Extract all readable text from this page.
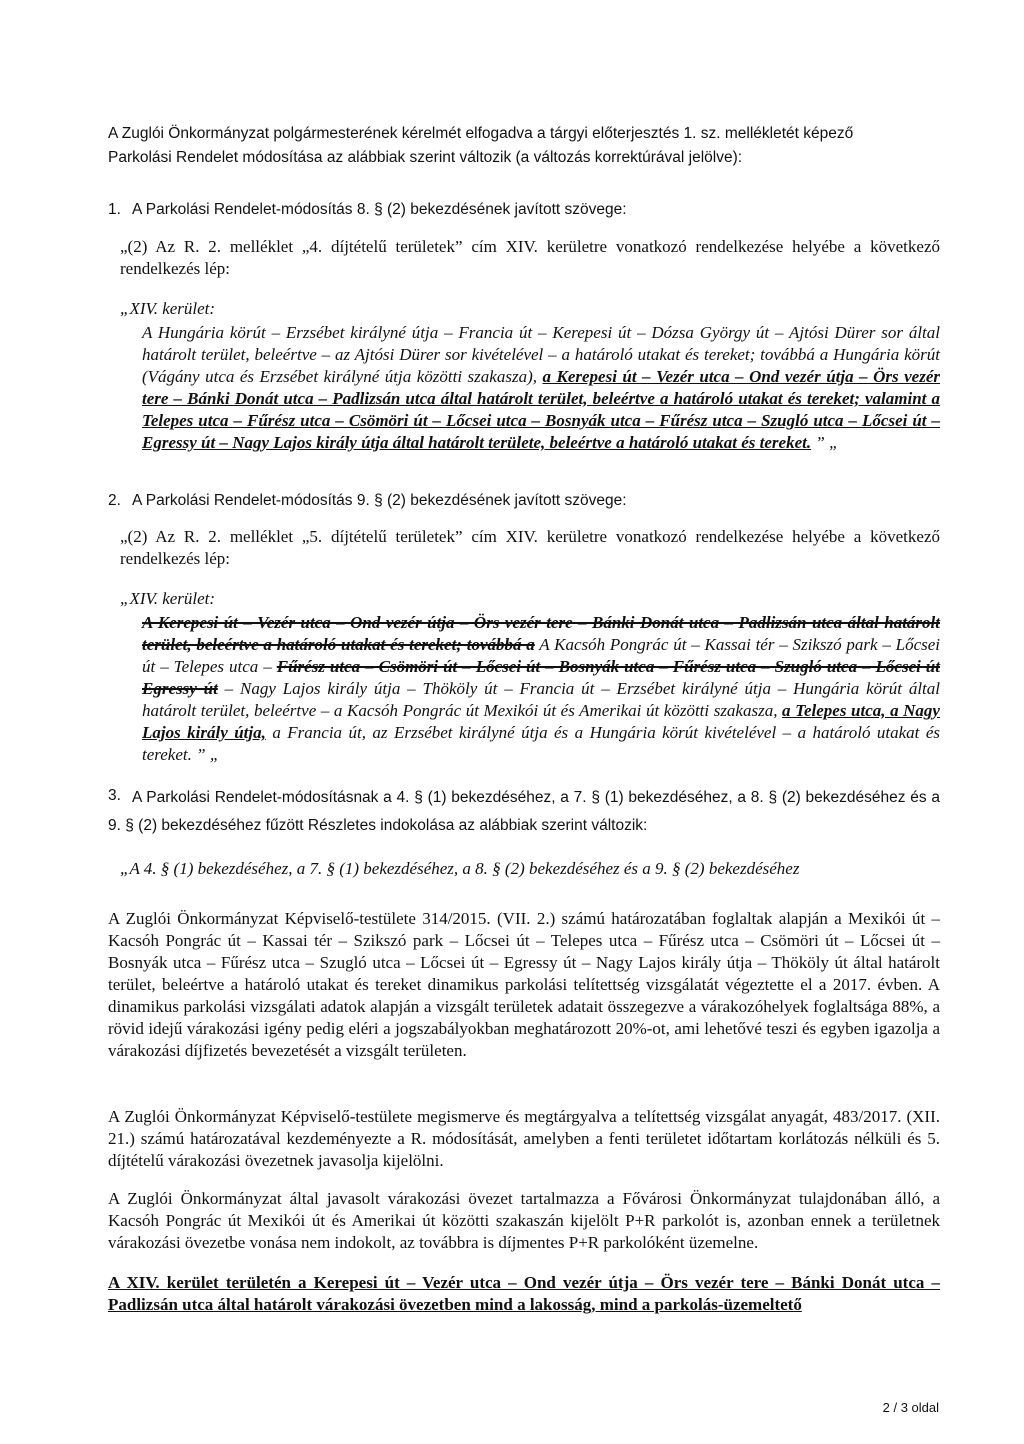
A Zuglói Önkormányzat polgármesterének kérelmét elfogadva a tárgyi előterjesztés 1. sz. mellékletét képező
Parkolási Rendelet módosítása az alábbiak szerint változik (a változás korrektúrával jelölve):
1. A Parkolási Rendelet-módosítás 8. § (2) bekezdésének javított szövege:
„(2) Az R. 2. melléklet „4. díjtételű területek” cím XIV. kerületre vonatkozó rendelkezése helyébe a következő rendelkezés lép:
„XIV. kerület:
A Hungária körút – Erzsébet királyné útja – Francia út – Kerepesi út – Dózsa György út – Ajtósi Dürer sor által határolt terület, beleértve – az Ajtósi Dürer sor kivételével – a határoló utakat és tereket; továbbá a Hungária körút (Vágány utca és Erzsébet királyné útja közötti szakasza), a Kerepesi út – Vezér utca – Ond vezér útja – Örs vezér tere – Bánki Donát utca – Padlizsán utca által határolt terület, beleértve a határoló utakat és tereket; valamint a Telepes utca – Fűrész utca – Csömöri út – Lőcsei utca – Bosnyák utca – Fűrész utca – Szugló utca – Lőcsei út – Egressy út – Nagy Lajos király útja által határolt területe, beleértve a határoló utakat és tereket. ” „
2. A Parkolási Rendelet-módosítás 9. § (2) bekezdésének javított szövege:
„(2) Az R. 2. melléklet „5. díjtételű területek” cím XIV. kerületre vonatkozó rendelkezése helyébe a következő rendelkezés lép:
„XIV. kerület:
A Kerepesi út – Vezér utca – Ond vezér útja – Örs vezér tere – Bánki Donát utca – Padlizsán utca által határolt terület, beleértve a határoló utakat és tereket; továbbá a A Kacsóh Pongrác út – Kassai tér – Szikszó park – Lőcsei út – Telepes utca – Fűrész utca – Csömöri út – Lőcsei út – Bosnyák utca – Fűrész utca – Szugló utca – Lőcsei út Egressy út – Nagy Lajos király útja – Thököly út – Francia út – Erzsébet királyné útja – Hungária körút által határolt terület, beleértve – a Kacsóh Pongrác út Mexikói út és Amerikai út közötti szakasza, a Telepes utca, a Nagy Lajos király útja, a Francia út, az Erzsébet királyné útja és a Hungária körút kivételével – a határoló utakat és tereket. ” „
3. A Parkolási Rendelet-módosításnak a 4. § (1) bekezdéséhez, a 7. § (1) bekezdéséhez, a 8. § (2) bekezdéséhez és a 9. § (2) bekezdéséhez fűzött Részletes indokolása az alábbiak szerint változik:
„A 4. § (1) bekezdéséhez, a 7. § (1) bekezdéséhez, a 8. § (2) bekezdéséhez és a 9. § (2) bekezdéséhez
A Zuglói Önkormányzat Képviselő-testülete 314/2015. (VII. 2.) számú határozatában foglaltak alapján a Mexikói út – Kacsóh Pongrác út – Kassai tér – Szikszó park – Lőcsei út – Telepes utca – Fűrész utca – Csömöri út – Lőcsei út – Bosnyák utca – Fűrész utca – Szugló utca – Lőcsei út – Egressy út – Nagy Lajos király útja – Thököly út által határolt terület, beleértve a határoló utakat és tereket dinamikus parkolási telítettség vizsgálatát végeztette el a 2017. évben. A dinamikus parkolási vizsgálati adatok alapján a vizsgált területek adatait összegezve a várakozóhelyek foglaltsága 88%, a rövid idejű várakozási igény pedig eléri a jogszabályokban meghatározott 20%-ot, ami lehetővé teszi és egyben igazolja a várakozási díjfizetés bevezetését a vizsgált területen.
A Zuglói Önkormányzat Képviselő-testülete megismerve és megtárgyalva a telítettség vizsgálat anyagát, 483/2017. (XII. 21.) számú határozatával kezdeményezte a R. módosítását, amelyben a fenti területet időtartam korlátozás nélküli és 5. díjtételű várakozási övezetnek javasolja kijelölni.
A Zuglói Önkormányzat által javasolt várakozási övezet tartalmazza a Fővárosi Önkormányzat tulajdonában álló, a Kacsóh Pongrác út Mexikói út és Amerikai út közötti szakaszán kijelölt P+R parkolót is, azonban ennek a területnek várakozási övezetbe vonása nem indokolt, az továbbra is díjmentes P+R parkolóként üzemelne.
A XIV. kerület területén a Kerepesi út – Vezér utca – Ond vezér útja – Örs vezér tere – Bánki Donát utca – Padlizsán utca által határolt várakozási övezetben mind a lakosság, mind a parkolás-üzemeltető
2 / 3 oldal
